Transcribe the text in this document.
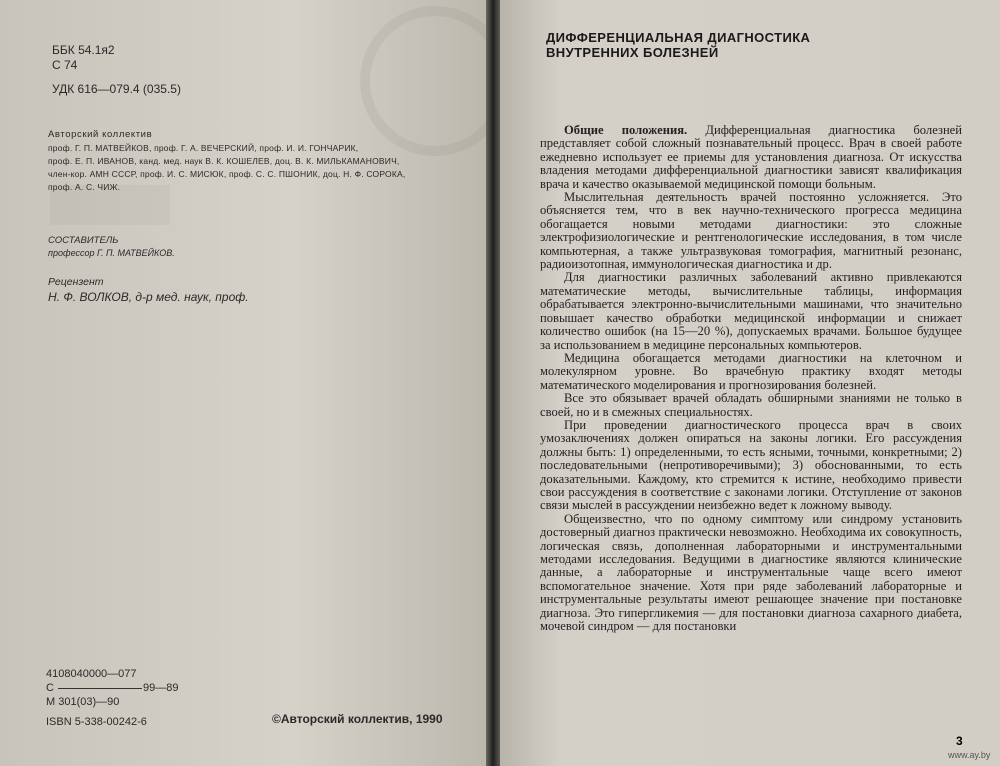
ББК 54.1я2
С 74
УДК 616—079.4 (035.5)
Авторский коллектив
проф. Г. П. МАТВЕЙКОВ, проф. Г. А. ВЕЧЕРСКИЙ, проф. И. И. ГОНЧАРИК,
проф. Е. П. ИВАНОВ, канд. мед. наук В. К. КОШЕЛЕВ, доц. В. К. МИЛЬКАМАНОВИЧ,
член-кор. АМН СССР, проф. И. С. МИСЮК, проф. С. С. ПШОНИК, доц. Н. Ф. СОРОКА,
проф. А. С. ЧИЖ.
СОСТАВИТЕЛЬ
профессор Г. П. МАТВЕЙКОВ.
Рецензент
Н. Ф. ВОЛКОВ, д-р мед. наук, проф.
4108040000—077
С	99—89
М 301(03)—90
ISBN 5-338-00242-6	©Авторский коллектив, 1990
ДИФФЕРЕНЦИАЛЬНАЯ ДИАГНОСТИКА
ВНУТРЕННИХ БОЛЕЗНЕЙ

Общие положения. Дифференциальная диагностика болезней представляет собой сложный познавательный процесс. Врач в своей работе ежедневно использует ее приемы для установления диагноза. От искусства владения методами дифференциальной диагностики зависят квалификация врача и качество оказываемой медицинской помощи больным.

Мыслительная деятельность врачей постоянно усложняется. Это объясняется тем, что в век научно-технического прогресса медицина обогащается новыми методами диагностики: это сложные электрофизиологические и рентгенологические исследования, в том числе компьютерная, а также ультразвуковая томография, магнитный резонанс, радиоизотопная, иммунологическая диагностика и др.

Для диагностики различных заболеваний активно привлекаются математические методы, вычислительные таблицы, информация обрабатывается электронно-вычислительными машинами, что значительно повышает качество обработки медицинской информации и снижает количество ошибок (на 15—20 %), допускаемых врачами. Большое будущее за использованием в медицине персональных компьютеров.

Медицина обогащается методами диагностики на клеточном и молекулярном уровне. Во врачебную практику входят методы математического моделирования и прогнозирования болезней.

Все это обязывает врачей обладать обширными знаниями не только в своей, но и в смежных специальностях.

При проведении диагностического процесса врач в своих умозаключениях должен опираться на законы логики. Его рассуждения должны быть: 1) определенными, то есть ясными, точными, конкретными; 2) последовательными (непротиворечивыми); 3) обоснованными, то есть доказательными. Каждому, кто стремится к истине, необходимо привести свои рассуждения в соответствие с законами логики. Отступление от законов связи мыслей в рассуждении неизбежно ведет к ложному выводу.

Общеизвестно, что по одному симптому или синдрому установить достоверный диагноз практически невозможно. Необходима их совокупность, логическая связь, дополненная лабораторными и инструментальными методами исследования. Ведущими в диагностике являются клинические данные, а лабораторные и инструментальные чаще всего имеют вспомогательное значение. Хотя при ряде заболеваний лабораторные и инструментальные результаты имеют решающее значение при постановке диагноза. Это гипергликемия — для постановки диагноза сахарного диабета, мочевой синдром — для постановки

3
www.ay.by
